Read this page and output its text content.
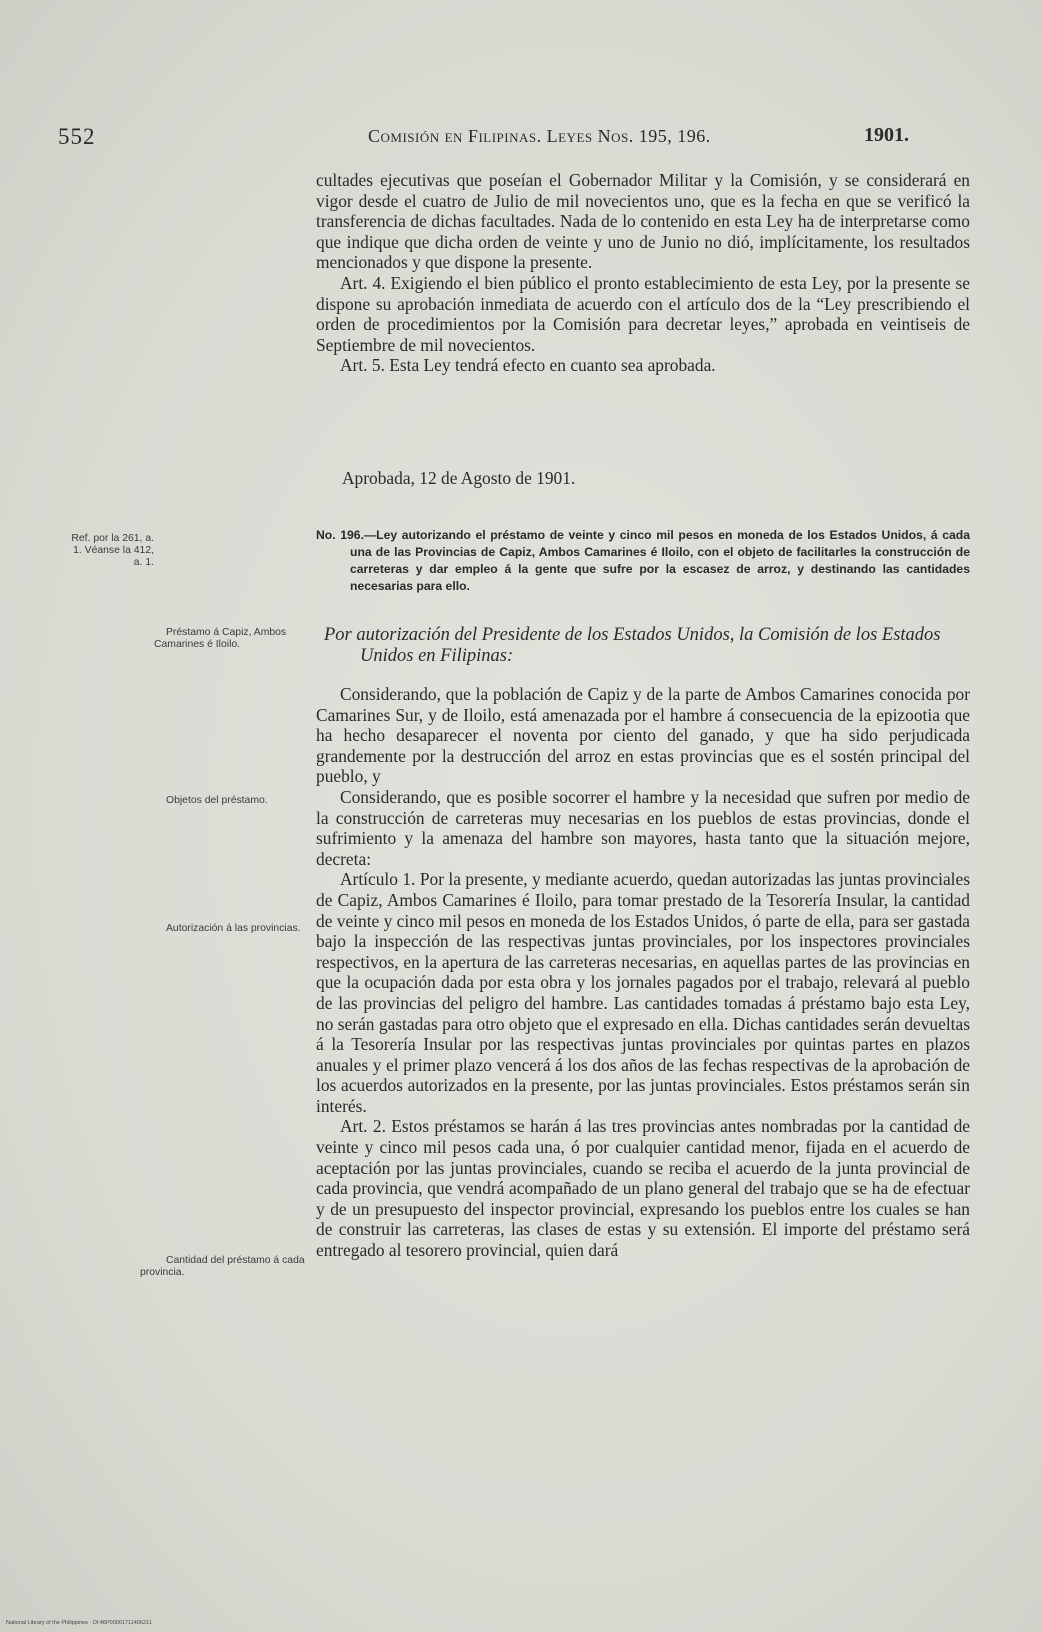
552	Comisión en Filipinas. Leyes Nos. 195, 196.	1901.

cultades ejecutivas que poseían el Gobernador Militar y la Comisión, y se considerará en vigor desde el cuatro de Julio de mil novecientos uno, que es la fecha en que se verificó la transferencia de dichas facultades. Nada de lo contenido en esta Ley ha de interpretarse como que indique que dicha orden de veinte y uno de Junio no dió, implícitamente, los resultados mencionados y que dispone la presente.

Art. 4. Exigiendo el bien público el pronto establecimiento de esta Ley, por la presente se dispone su aprobación inmediata de acuerdo con el artículo dos de la “Ley prescribiendo el orden de procedimientos por la Comisión para decretar leyes,” aprobada en veintiseis de Septiembre de mil novecientos.

Art. 5. Esta Ley tendrá efecto en cuanto sea aprobada.

Aprobada, 12 de Agosto de 1901.
Ref. por la 261, a. 1. Véanse la 412, a. 1.
No. 196.—Ley autorizando el préstamo de veinte y cinco mil pesos en moneda de los Estados Unidos, á cada una de las Provincias de Capiz, Ambos Camarines é Iloilo, con el objeto de facilitarles la construcción de carreteras y dar empleo á la gente que sufre por la escasez de arroz, y destinando las cantidades necesarias para ello.
Préstamo á Capiz, Ambos Camarines é Iloilo.	Por autorización del Presidente de los Estados Unidos, la Comisión de los Estados Unidos en Filipinas:

Considerando, que la población de Capiz y de la parte de Ambos Camarines conocida por Camarines Sur, y de Iloilo, está amenazada por el hambre á consecuencia de la epizootia que ha hecho desaparecer el noventa por ciento del ganado, y que ha sido perjudicada grandemente por la destrucción del arroz en estas provincias que es el sostén principal del pueblo, y

Considerando, que es posible socorrer el hambre y la necesidad que sufren por medio de la construcción de carreteras muy necesarias en los pueblos de estas provincias, donde el sufrimiento y la amenaza del hambre son mayores, hasta tanto que la situación mejore, decreta:

Artículo 1. Por la presente, y mediante acuerdo, quedan autorizadas las juntas provinciales de Capiz, Ambos Camarines é Iloilo, para tomar prestado de la Tesorería Insular, la cantidad de veinte y cinco mil pesos en moneda de los Estados Unidos, ó parte de ella, para ser gastada bajo la inspección de las respectivas juntas provinciales, por los inspectores provinciales respectivos, en la apertura de las carreteras necesarias, en aquellas partes de las provincias en que la ocupación dada por esta obra y los jornales pagados por el trabajo, relevará al pueblo de las provincias del peligro del hambre. Las cantidades tomadas á préstamo bajo esta Ley, no serán gastadas para otro objeto que el expresado en ella. Dichas cantidades serán devueltas á la Tesorería Insular por las respectivas juntas provinciales por quintas partes en plazos anuales y el primer plazo vencerá á los dos años de las fechas respectivas de la aprobación de los acuerdos autorizados en la presente, por las juntas provinciales. Estos préstamos serán sin interés.

Art. 2. Estos préstamos se harán á las tres provincias antes nombradas por la cantidad de veinte y cinco mil pesos cada una, ó por cualquier cantidad menor, fijada en el acuerdo de aceptación por las juntas provinciales, cuando se reciba el acuerdo de la junta provincial de cada provincia, que vendrá acompañado de un plano general del trabajo que se ha de efectuar y de un presupuesto del inspector provincial, expresando los pueblos entre los cuales se han de construir las carreteras, las clases de estas y su extensión. El importe del préstamo será entregado al tesorero provincial, quien dará

Objetos del préstamo.
Autorización á las provincias.
Cantidad del préstamo á cada provincia.
National Library of the Philippines · DI:46P00001711406211
